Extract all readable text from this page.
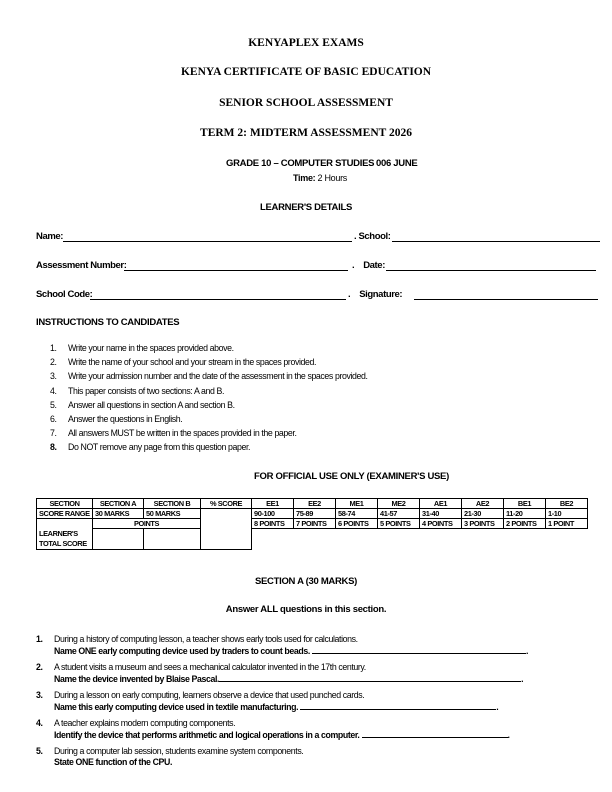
KENYAPLEX EXAMS
KENYA CERTIFICATE OF BASIC EDUCATION
SENIOR SCHOOL ASSESSMENT
TERM 2: MIDTERM ASSESSMENT 2026
GRADE 10 – COMPUTER STUDIES 006 JUNE
Time: 2 Hours
LEARNER'S DETAILS
Name:	. School:
Assessment Number:	.    Date:
School Code:	.    Signature:
INSTRUCTIONS TO CANDIDATES
1. Write your name in the spaces provided above.
2. Write the name of your school and your stream in the spaces provided.
3. Write your admission number and the date of the assessment in the spaces provided.
4. This paper consists of two sections: A and B.
5. Answer all questions in section A and section B.
6. Answer the questions in English.
7. All answers MUST be written in the spaces provided in the paper.
8. Do NOT remove any page from this question paper.
FOR OFFICIAL USE ONLY (EXAMINER'S USE)
SECTION	SECTION A	SECTION B	% SCORE	EE1	EE2	ME1	ME2	AE1	AE2	BE1	BE2
SCORE RANGE	30 MARKS	50 MARKS		90-100	75-89	58-74	41-57	31-40	21-30	11-20	1-10
	POINTS			8 POINTS	7 POINTS	6 POINTS	5 POINTS	4 POINTS	3 POINTS	2 POINTS	1 POINT
LEARNER'S
TOTAL SCORE											
SECTION A (30 MARKS)
Answer ALL questions in this section.
1. During a history of computing lesson, a teacher shows early tools used for calculations.
Name ONE early computing device used by traders to count beads.	.
2. A student visits a museum and sees a mechanical calculator invented in the 17th century.
Name the device invented by Blaise Pascal.	.
3. During a lesson on early computing, learners observe a device that used punched cards.
Name this early computing device used in textile manufacturing.	.
4. A teacher explains modern computing components.
Identify the device that performs arithmetic and logical operations in a computer.	.
5. During a computer lab session, students examine system components.
State ONE function of the CPU.
